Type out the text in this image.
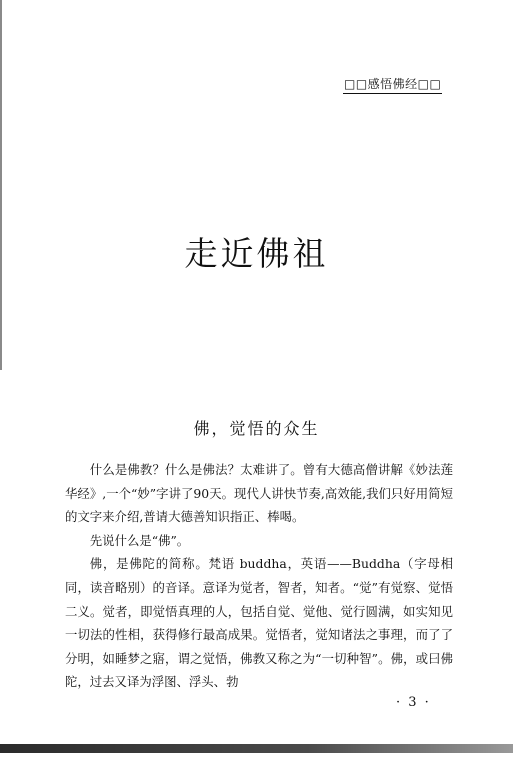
□□感悟佛经□□
走近佛祖
佛，觉悟的众生

什么是佛教？什么是佛法？太难讲了。曾有大德高僧讲解《妙法莲华经》,一个“妙”字讲了90天。现代人讲快节奏,高效能,我们只好用简短的文字来介绍,普请大德善知识指正、棒喝。

先说什么是“佛”。

佛，是佛陀的简称。梵语 buddha，英语——Buddha（字母相同，读音略别）的音译。意译为觉者，智者，知者。“觉”有觉察、觉悟二义。觉者，即觉悟真理的人，包括自觉、觉他、觉行圆满，如实知见一切法的性相，获得修行最高成果。觉悟者，觉知诸法之事理，而了了分明，如睡梦之寤，谓之觉悟，佛教又称之为“一切种智”。佛，或曰佛陀，过去又译为浮图、浮头、勃

· 3 ·
